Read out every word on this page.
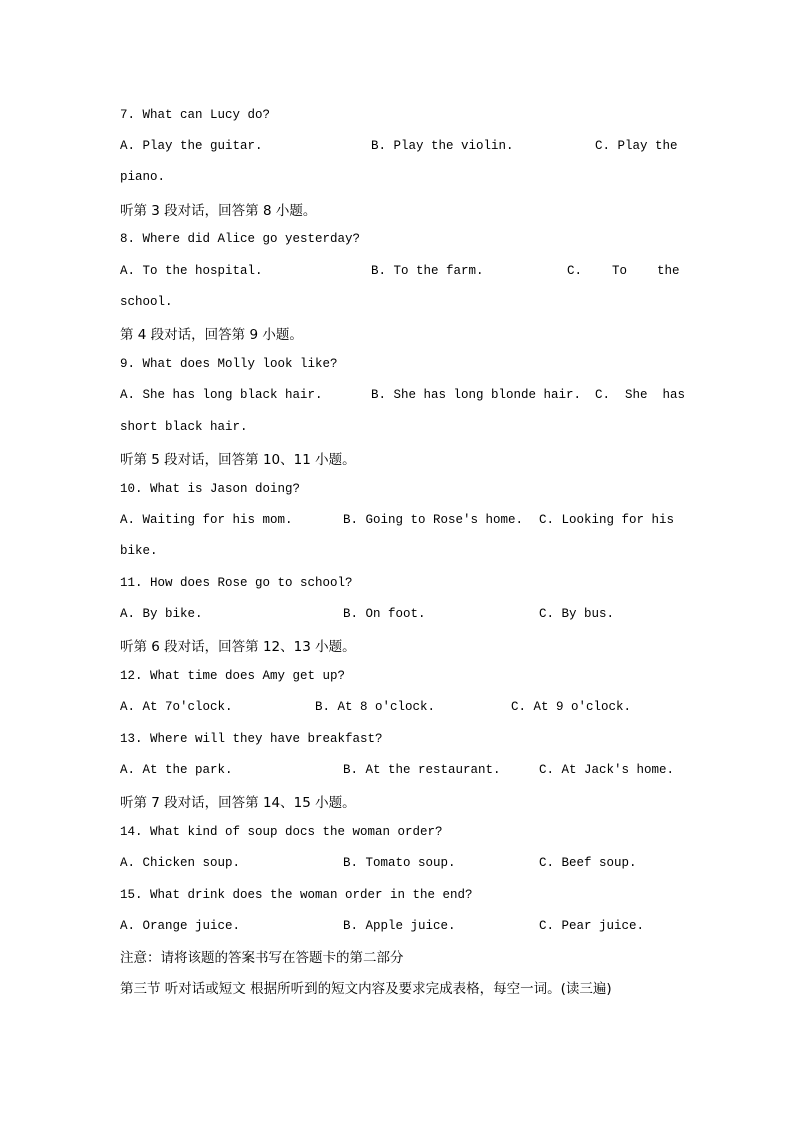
7. What can Lucy do?

A. Play the guitar.

	B. Play the violin.

	C. Play the

piano.
听第 3 段对话，回答第 8 小题。
8. Where did Alice go yesterday?

A. To the hospital.

	B. To the farm.

	C.    To    the

school.
第 4 段对话，回答第 9 小题。
9. What does Molly look like?

A. She has long black hair.

	B. She has long blonde hair.

C.  She  has

short black hair.
听第 5 段对话，回答第 10、11 小题。
10. What is Jason doing?

A. Waiting for his mom.

	B. Going to Rose's home.

C. Looking for his

bike.
11. How does Rose go to school?

A. By bike.

	B. On foot.

	C. By bus.

听第 6 段对话，回答第 12、13 小题。
12. What time does Amy get up?

A. At 7o'clock.

	B. At 8 o'clock.

	C. At 9 o'clock.

13. Where will they have breakfast?

A. At the park.

	B. At the restaurant.

	C. At Jack's home.

听第 7 段对话，回答第 14、15 小题。
14. What kind of soup docs the woman order?

A. Chicken soup.

	B. Tomato soup.

	C. Beef soup.

15. What drink does the woman order in the end?

A. Orange juice.

	B. Apple juice.

	C. Pear juice.

注意：请将该题的答案书写在答题卡的第二部分
第三节 听对话或短文 根据所听到的短文内容及要求完成表格，每空一词。(读三遍)
